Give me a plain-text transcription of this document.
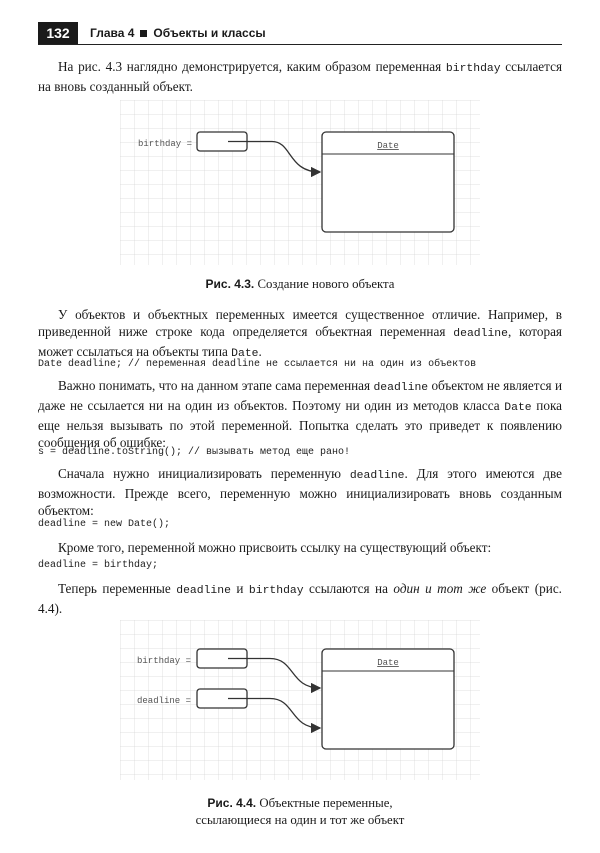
132	Глава 4 Объекты и классы
На рис. 4.3 наглядно демонстрируется, каким образом переменная birthday ссылается на вновь созданный объект.
birthday =	Date
Рис. 4.3. Создание нового объекта
У объектов и объектных переменных имеется существенное отличие. Например, в приведенной ниже строке кода определяется объектная переменная deadline, которая может ссылаться на объекты типа Date.
Date deadline; // переменная deadline не ссылается ни на один из объектов
Важно понимать, что на данном этапе сама переменная deadline объектом не является и даже не ссылается ни на один из объектов. Поэтому ни один из методов класса Date пока еще нельзя вызывать по этой переменной. Попытка сделать это приведет к появлению сообщения об ошибке:
s = deadline.toString(); // вызывать метод еще рано!
Сначала нужно инициализировать переменную deadline. Для этого имеются две возможности. Прежде всего, переменную можно инициализировать вновь созданным объектом:
deadline = new Date();
Кроме того, переменной можно присвоить ссылку на существующий объект:
deadline = birthday;
Теперь переменные deadline и birthday ссылаются на один и тот же объект (рис. 4.4).
birthday =
deadline =
Date
Рис. 4.4. Объектные переменные,
ссылающиеся на один и тот же объект
